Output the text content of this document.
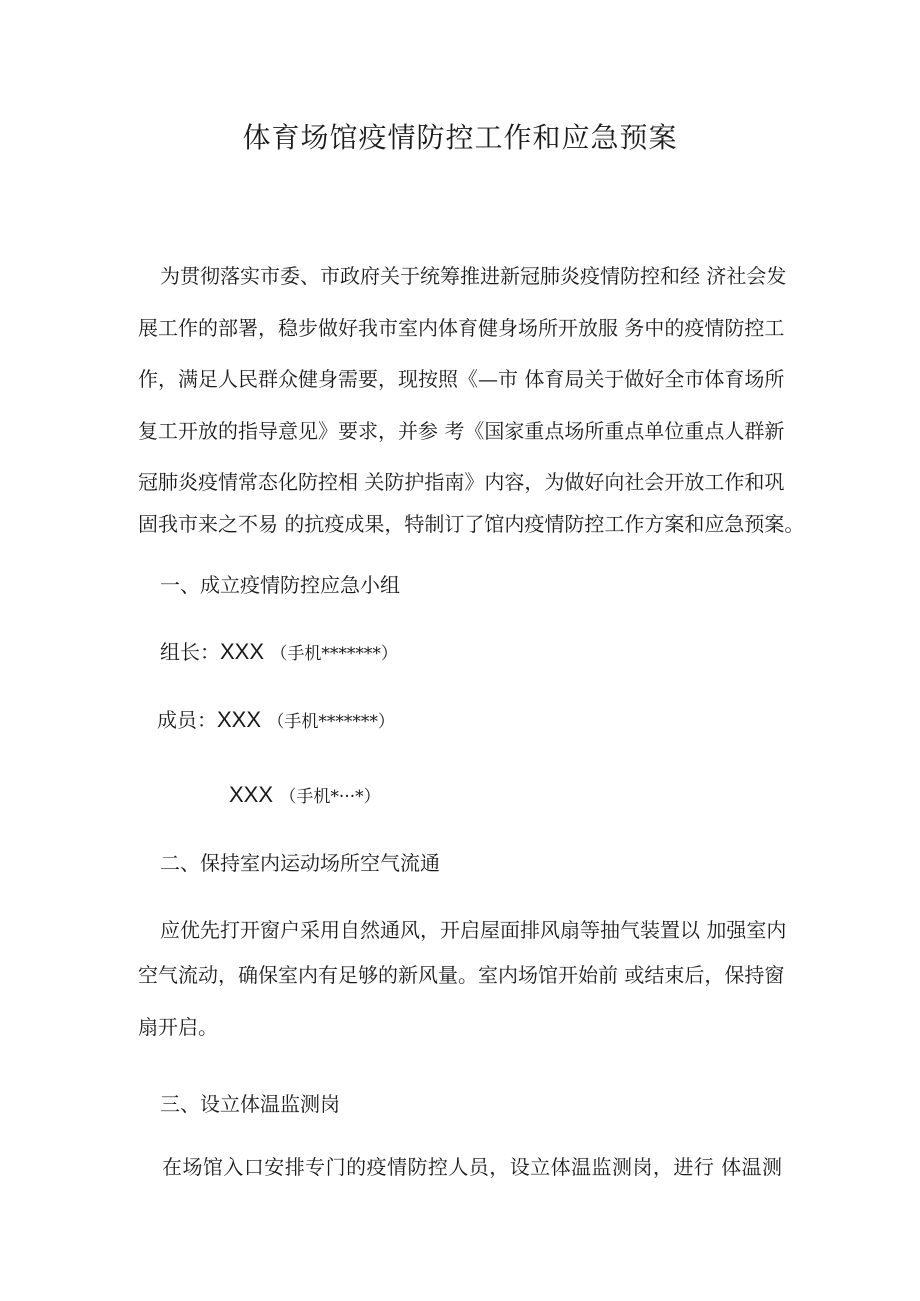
体育场馆疫情防控工作和应急预案
为贯彻落实市委、市政府关于统筹推进新冠肺炎疫情防控和经 济社会发
展工作的部署，稳步做好我市室内体育健身场所开放服 务中的疫情防控工
作，满足人民群众健身需要，现按照《—市 体育局关于做好全市体育场所
复工开放的指导意见》要求，并参 考《国家重点场所重点单位重点人群新
冠肺炎疫情常态化防控相 关防护指南》内容，为做好向社会开放工作和巩
固我市来之不易 的抗疫成果，特制订了馆内疫情防控工作方案和应急预案。
一、成立疫情防控应急小组
组长：XXX （手机*******）
成员：XXX （手机*******）
XXX （手机*···*）
二、保持室内运动场所空气流通
应优先打开窗户采用自然通风，开启屋面排风扇等抽气装置以 加强室内
空气流动，确保室内有足够的新风量。室内场馆开始前 或结束后，保持窗
扇开启。
三、设立体温监测岗
在场馆入口安排专门的疫情防控人员，设立体温监测岗，进行 体温测
